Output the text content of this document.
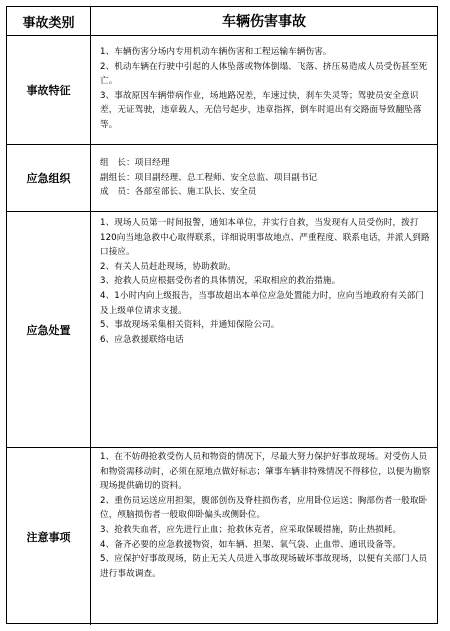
事故类别	车辆伤害事故
事故特征

1、车辆伤害分场内专用机动车辆伤害和工程运输车辆伤害。

2、机动车辆在行驶中引起的人体坠落或物体倒塌、飞落、挤压易造成人员受伤甚至死亡。

3、事故原因车辆带病作业，场地路况差，车速过快，刹车失灵等；驾驶员安全意识差，无证驾驶，违章载人，无信号起步，违章指挥，倒车时退出有交路面导致翻坠落等。

应急组织

组　长：项目经理

副组长：项目副经理、总工程师、安全总监、项目副书记

成　员：各部室部长、施工队长、安全员

应急处置

1、现场人员第一时间报警，通知本单位，并实行自救，当发现有人员受伤时，拨打120向当地急救中心取得联系，详细说明事故地点、严重程度、联系电话，并派人到路口接应。

2、有关人员赶赴现场，协助救助。

3、抢救人员应根据受伤者的具体情况，采取相应的救治措施。

4、1小时内向上级报告，当事故超出本单位应急处置能力时，应向当地政府有关部门及上级单位请求支援。

5、事故现场采集相关资料，并通知保险公司。

6、应急救援联络电话

注意事项

1、在不妨碍抢救受伤人员和物资的情况下，尽最大努力保护好事故现场。对受伤人员和物资需移动时，必须在原地点做好标志；肇事车辆非特殊情况不得移位，以便为勘察现场提供确切的资料。

2、重伤员运送应用担架，腹部创伤及脊柱损伤者，应用卧位运送；胸部伤者一般取卧位，颅脑损伤者一般取仰卧偏头或侧卧位。

3、抢救失血者，应先进行止血；抢救休克者，应采取保暖措施，防止热损耗。

4、备齐必要的应急救援物资，如车辆、担架、氧气袋、止血带、通讯设备等。

5、应保护好事故现场，防止无关人员进入事故现场破坏事故现场，以便有关部门人员进行事故调查。
